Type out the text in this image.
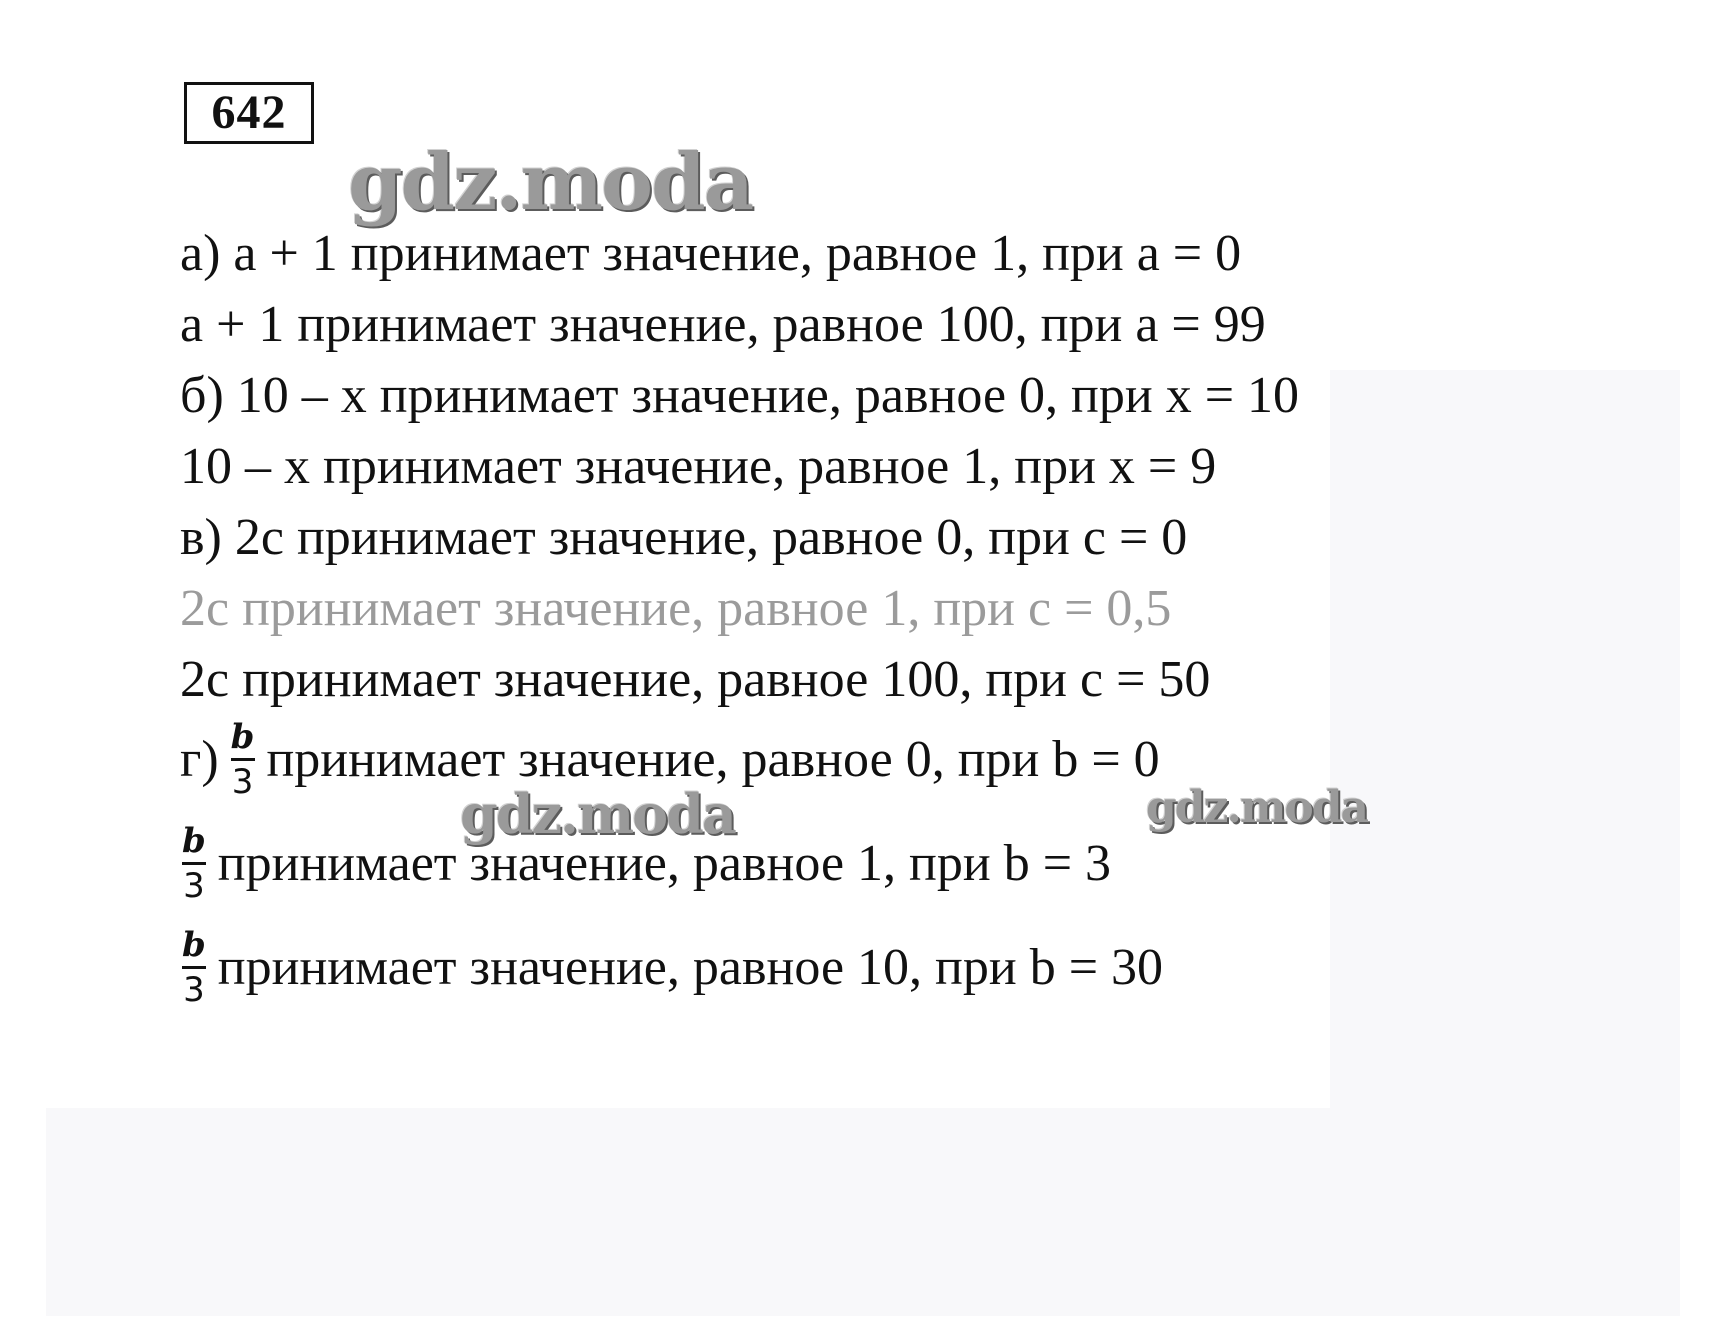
642
а) а + 1 принимает значение, равное 1, при а = 0
а + 1 принимает значение, равное 100, при а = 99
б) 10 – х принимает значение, равное 0, при х = 10
10 – х принимает значение, равное 1, при х = 9
в) 2с принимает значение, равное 0, при с = 0
2с принимает значение, равное 1, при с = 0,5
2с принимает значение, равное 100, при с = 50
$г) \frac{b}{3}$ принимает значение, равное 0, при b = 0
$\frac{b}{3}$ принимает значение, равное 1, при b = 3
$\frac{b}{3}$ принимает значение, равное 10, при b = 30
gdz.moda
gdz.moda	gdz.moda
